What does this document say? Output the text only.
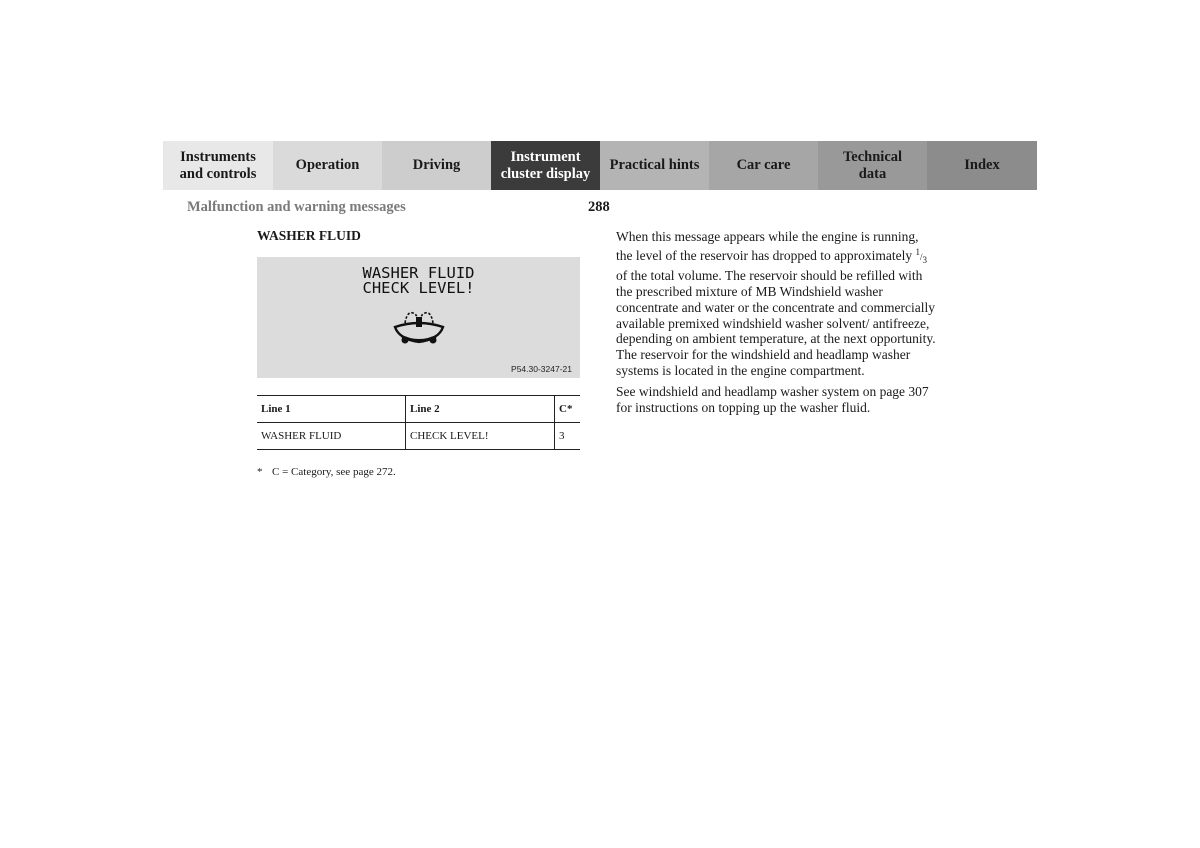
Instruments
and controls
Operation	Driving
Instrument
cluster display
Practical hints	Car care
Technical
data
Index
Malfunction and warning messages	288
WASHER FLUID
WASHER FLUID
CHECK LEVEL!
P54.30-3247-21
Line 1	Line 2	C*
WASHER FLUID	CHECK LEVEL!	3
* C = Category, see page 272.

When this message appears while the engine is running, the level of the reservoir has dropped to approximately 1/3 of the total volume. The reservoir should be refilled with the prescribed mixture of MB Windshield washer concentrate and water or the concentrate and commercially available premixed windshield washer solvent/ antifreeze, depending on ambient temperature, at the next opportunity. The reservoir for the windshield and headlamp washer systems is located in the engine compartment.

See windshield and headlamp washer system on page 307 for instructions on topping up the washer fluid.
